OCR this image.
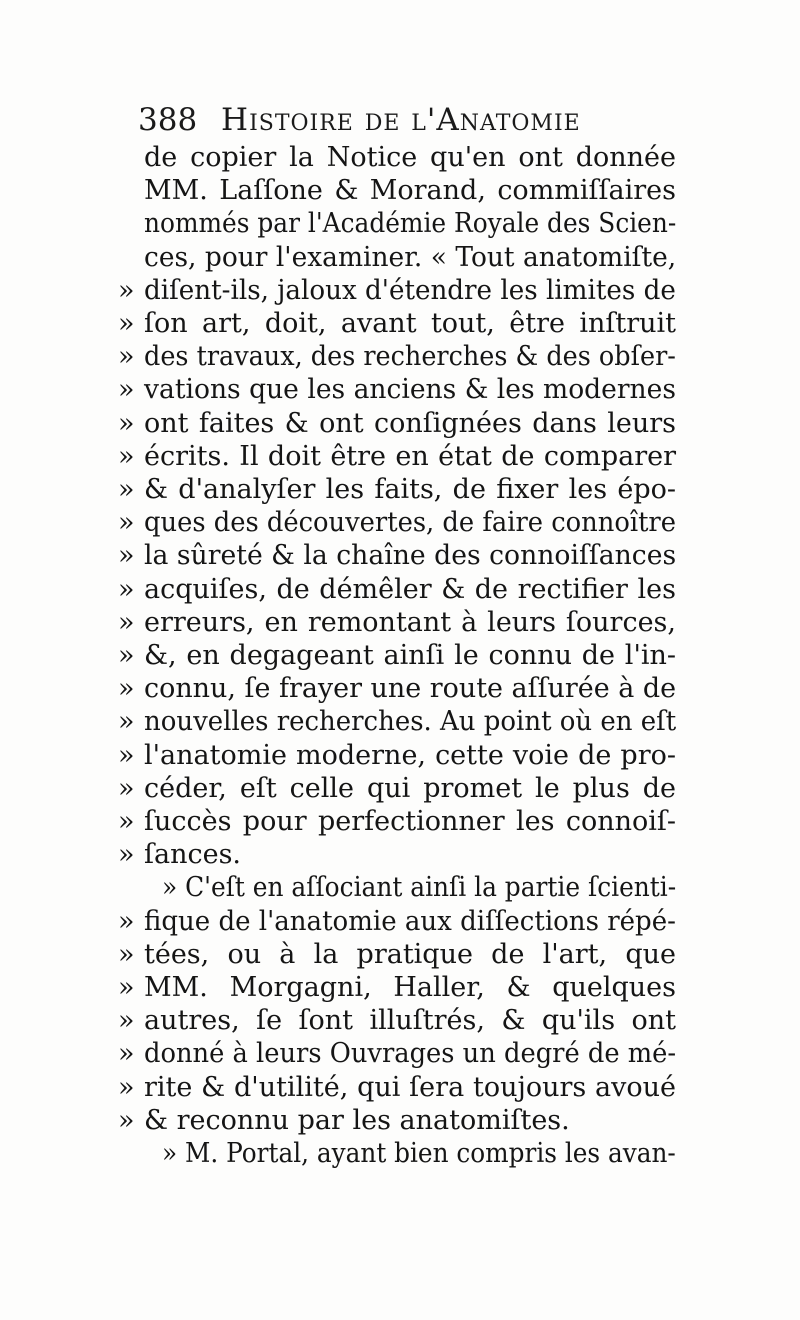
388 Histoire de l'Anatomie
de copier la Notice qu'en ont donnée
MM. Laſſone & Morand, commiſſaires
nommés par l'Académie Royale des Scien-
ces, pour l'examiner. « Tout anatomiſte,
» diſent-ils, jaloux d'étendre les limites de
» ſon art, doit, avant tout, être inſtruit
» des travaux, des recherches & des obſer-
» vations que les anciens & les modernes
» ont faites & ont conſignées dans leurs
» écrits. Il doit être en état de comparer
» & d'analyſer les faits, de fixer les épo-
» ques des découvertes, de faire connoître
» la sûreté & la chaîne des connoiſſances
» acquiſes, de démêler & de rectifier les
» erreurs, en remontant à leurs ſources,
» &, en degageant ainſi le connu de l'in-
» connu, ſe frayer une route aſſurée à de
» nouvelles recherches. Au point où en eſt
» l'anatomie moderne, cette voie de pro-
» céder, eſt celle qui promet le plus de
» ſuccès pour perfectionner les connoiſ-
» ſances.
» C'eſt en aſſociant ainſi la partie ſcienti-
» fique de l'anatomie aux diſſections répé-
» tées, ou à la pratique de l'art, que
» MM. Morgagni, Haller, & quelques
» autres, ſe ſont illuſtrés, & qu'ils ont
» donné à leurs Ouvrages un degré de mé-
» rite & d'utilité, qui ſera toujours avoué
» & reconnu par les anatomiſtes.
» M. Portal, ayant bien compris les avan-
